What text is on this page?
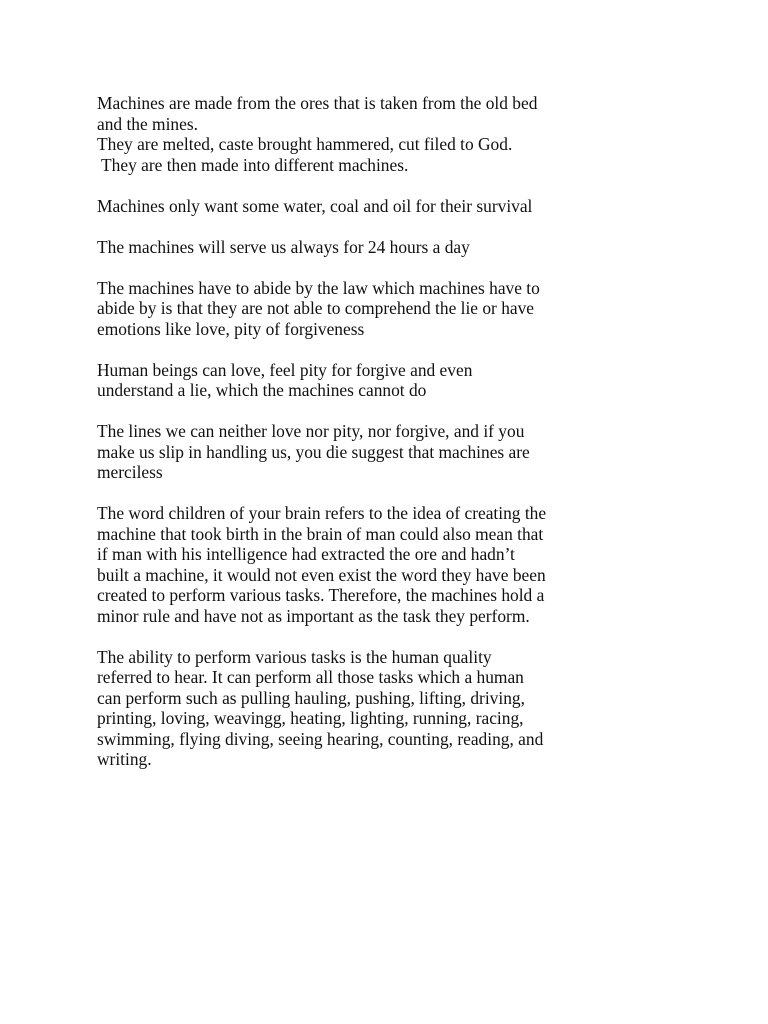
Machines are made from the ores that is taken from the old bed
and the mines.
They are melted, caste brought hammered, cut filed to God.
They are then made into different machines.

Machines only want some water, coal and oil for their survival

The machines will serve us always for 24 hours a day

The machines have to abide by the law which machines have to
abide by is that they are not able to comprehend the lie or have
emotions like love, pity of forgiveness

Human beings can love, feel pity for forgive and even
understand a lie, which the machines cannot do

The lines we can neither love nor pity, nor forgive, and if you
make us slip in handling us, you die suggest that machines are
merciless

The word children of your brain refers to the idea of creating the
machine that took birth in the brain of man could also mean that
if man with his intelligence had extracted the ore and hadn’t
built a machine, it would not even exist the word they have been
created to perform various tasks. Therefore, the machines hold a
minor rule and have not as important as the task they perform.

The ability to perform various tasks is the human quality
referred to hear. It can perform all those tasks which a human
can perform such as pulling hauling, pushing, lifting, driving,
printing, loving, weavingg, heating, lighting, running, racing,
swimming, flying diving, seeing hearing, counting, reading, and
writing.
